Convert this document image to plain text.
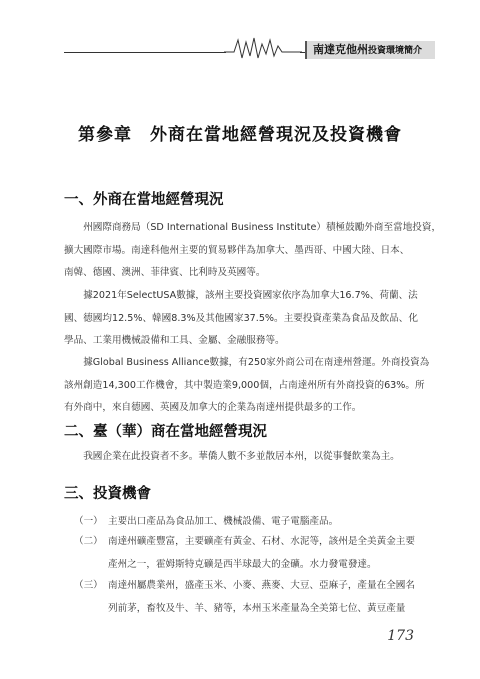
南達克他州投資環境簡介
第參章　外商在當地經營現況及投資機會
一、外商在當地經營現況

州國際商務局（SD International Business Institute）積極鼓勵外商至當地投資，
擴大國際市場。南達科他州主要的貿易夥伴為加拿大、墨西哥、中國大陸、日本、
南韓、德國、澳洲、菲律賓、比利時及英國等。

據2021年SelectUSA數據，該州主要投資國家依序為加拿大16.7%、荷蘭、法
國、德國均12.5%、韓國8.3%及其他國家37.5%。主要投資產業為食品及飲品、化
學品、工業用機械設備和工具、金屬、金融服務等。

據Global Business Alliance數據，有250家外商公司在南達州營運。外商投資為
該州創造14,300工作機會，其中製造業9,000個，占南達州所有外商投資的63%。所
有外商中，來自德國、英國及加拿大的企業為南達州提供最多的工作。

二、臺（華）商在當地經營現況

我國企業在此投資者不多。華僑人數不多並散居本州，以從事餐飲業為主。

三、投資機會
（一） 主要出口產品為食品加工、機械設備、電子電腦產品。
（二） 南達州礦產豐富，主要礦產有黃金、石材、水泥等，該州是全美黃金主要
產州之一，霍姆斯特克礦是西半球最大的金礦。水力發電發達。
（三） 南達州屬農業州，盛產玉米、小麥、燕麥、大豆、亞麻子，產量在全國名
列前茅，畜牧及牛、羊、豬等，本州玉米產量為全美第七位、黃豆產量
173
